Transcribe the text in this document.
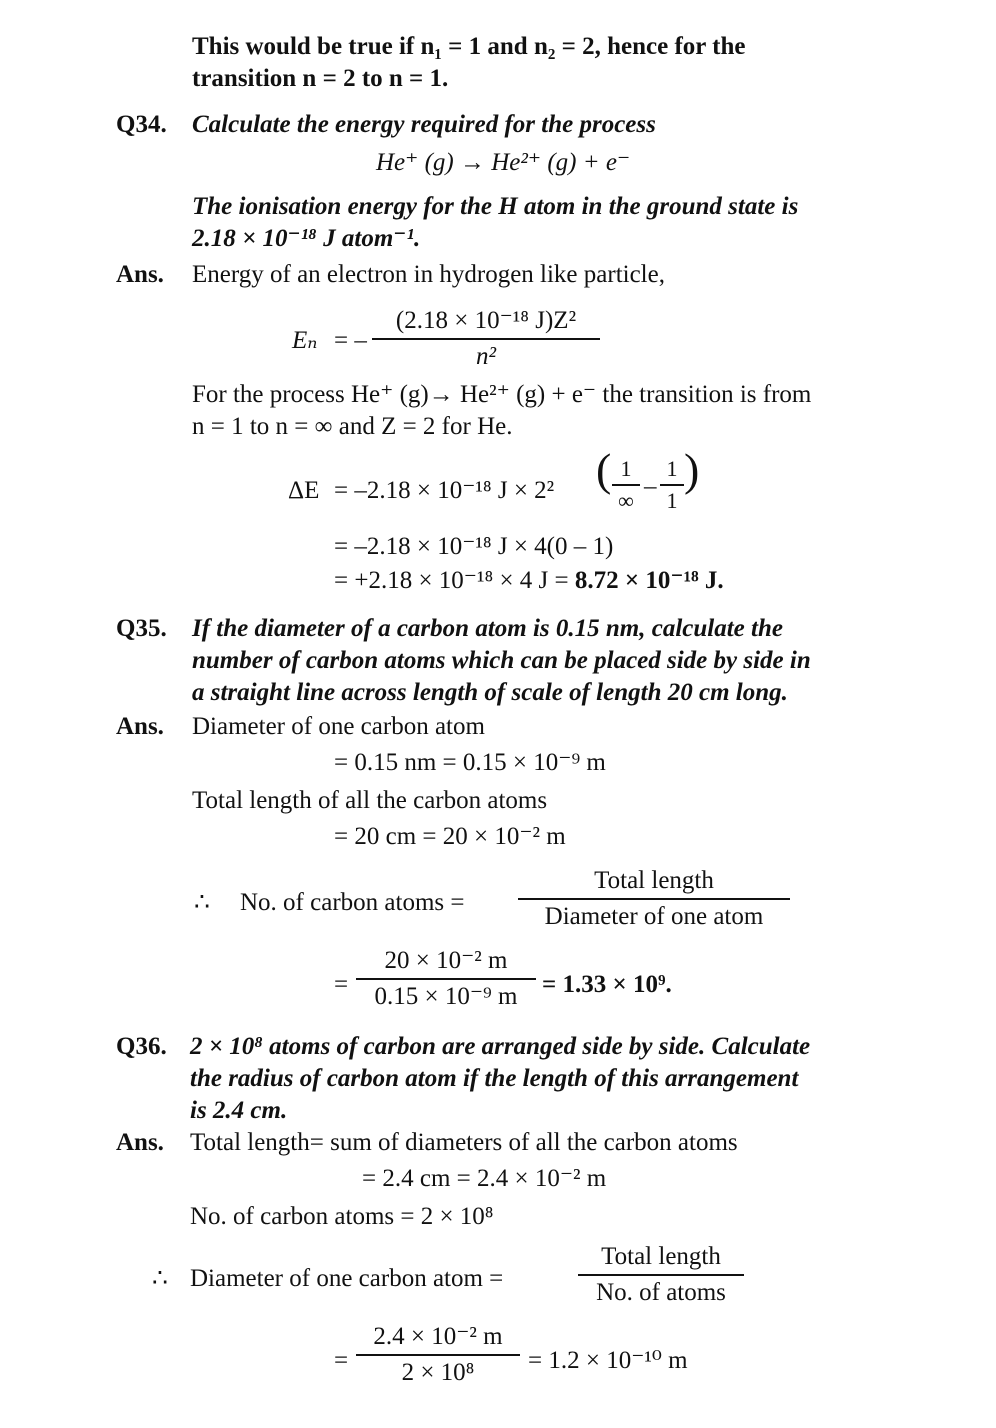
This would be true if n₁ = 1 and n₂ = 2, hence for the
transition n = 2 to n = 1.
Q34. Calculate the energy required for the process
He⁺ (g) → He²⁺ (g) + e⁻
The ionisation energy for the H atom in the ground state is
2.18 × 10⁻¹⁸ J atom⁻¹.
Ans. Energy of an electron in hydrogen like particle,
Eₙ = –
(2.18 × 10⁻¹⁸ J)Z²
n²
For the process He⁺ (g)→ He²⁺ (g) + e⁻ the transition is from
n = 1 to n = ∞ and Z = 2 for He.
ΔE = –2.18 × 10⁻¹⁸ J × 2² ( 1
∞
–
1
1
)
= –2.18 × 10⁻¹⁸ J × 4(0 – 1)
= +2.18 × 10⁻¹⁸ × 4 J = 8.72 × 10⁻¹⁸ J.
Q35. If the diameter of a carbon atom is 0.15 nm, calculate the
number of carbon atoms which can be placed side by side in
a straight line across length of scale of length 20 cm long.
Ans. Diameter of one carbon atom
= 0.15 nm = 0.15 × 10⁻⁹ m
Total length of all the carbon atoms
= 20 cm = 20 × 10⁻² m
∴ No. of carbon atoms =
Total length
Diameter of one atom
=
20 × 10⁻² m
0.15 × 10⁻⁹ m = 1.33 × 10⁹.
Q36. 2 × 10⁸ atoms of carbon are arranged side by side. Calculate
the radius of carbon atom if the length of this arrangement
is 2.4 cm.
Ans. Total length= sum of diameters of all the carbon atoms
= 2.4 cm = 2.4 × 10⁻² m
No. of carbon atoms = 2 × 10⁸
∴ Diameter of one carbon atom =
Total length
No. of atoms
=
2.4 × 10⁻² m
2 × 10⁸	= 1.2 × 10⁻¹⁰ m
